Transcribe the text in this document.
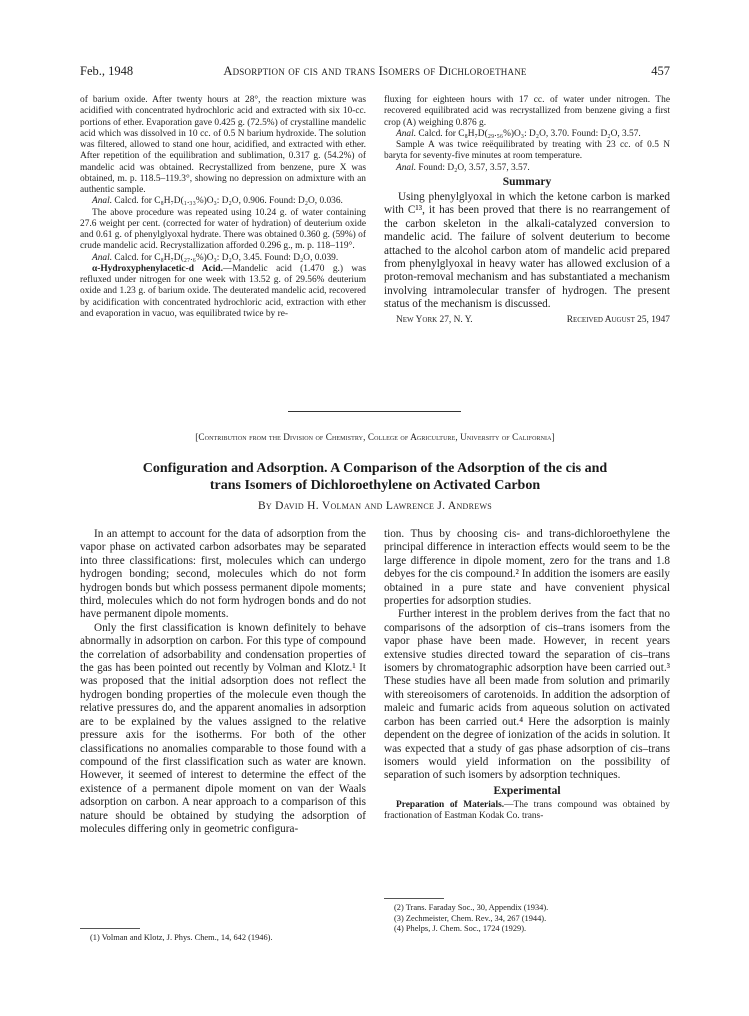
Feb., 1948	Adsorption of cis and trans Isomers of Dichloroethane	457

of barium oxide. After twenty hours at 28°, the reaction mixture was acidified with concentrated hydrochloric acid and extracted with six 10-cc. portions of ether. Evaporation gave 0.425 g. (72.5%) of crystalline mandelic acid which was dissolved in 10 cc. of 0.5 N barium hydroxide. The solution was filtered, allowed to stand one hour, acidified, and extracted with ether. After repetition of the equilibration and sublimation, 0.317 g. (54.2%) of mandelic acid was obtained. Recrystallized from benzene, pure X was obtained, m. p. 118.5–119.3°, showing no depression on admixture with an authentic sample.

Anal. Calcd. for C₈H₇D(₁.₃₃%)O₃: D₂O, 0.906. Found: D₂O, 0.036.

The above procedure was repeated using 10.24 g. of water containing 27.6 weight per cent. (corrected for water of hydration) of deuterium oxide and 0.61 g. of phenylglyoxal hydrate. There was obtained 0.360 g. (59%) of crude mandelic acid. Recrystallization afforded 0.296 g., m. p. 118–119°.

Anal. Calcd. for C₈H₇D(₂₇.₆%)O₃: D₂O, 3.45. Found: D₂O, 0.039.

α-Hydroxyphenylacetic-d Acid.—Mandelic acid (1.470 g.) was refluxed under nitrogen for one week with 13.52 g. of 29.56% deuterium oxide and 1.23 g. of barium oxide. The deuterated mandelic acid, recovered by acidification with concentrated hydrochloric acid, extraction with ether and evaporation in vacuo, was equilibrated twice by re-

fluxing for eighteen hours with 17 cc. of water under nitrogen. The recovered equilibrated acid was recrystallized from benzene giving a first crop (A) weighing 0.876 g.

Anal. Calcd. for C₈H₇D(₂₉.₅₆%)O₃: D₂O, 3.70. Found: D₂O, 3.57.

Sample A was twice reëquilibrated by treating with 23 cc. of 0.5 N baryta for seventy-five minutes at room temperature.

Anal. Found: D₂O, 3.57, 3.57, 3.57.

Summary

Using phenylglyoxal in which the ketone carbon is marked with C¹³, it has been proved that there is no rearrangement of the carbon skeleton in the alkali-catalyzed conversion to mandelic acid. The failure of solvent deuterium to become attached to the alcohol carbon atom of mandelic acid prepared from phenylglyoxal in heavy water has allowed exclusion of a proton-removal mechanism and has substantiated a mechanism involving intramolecular transfer of hydrogen. The present status of the mechanism is discussed.

New York 27, N. Y.	Received August 25, 1947

[Contribution from the Division of Chemistry, College of Agriculture, University of California]
Configuration and Adsorption. A Comparison of the Adsorption of the cis and
trans Isomers of Dichloroethylene on Activated Carbon
By David H. Volman and Lawrence J. Andrews

In an attempt to account for the data of adsorption from the vapor phase on activated carbon adsorbates may be separated into three classifications: first, molecules which can undergo hydrogen bonding; second, molecules which do not form hydrogen bonds but which possess permanent dipole moments; third, molecules which do not form hydrogen bonds and do not have permanent dipole moments.

Only the first classification is known definitely to behave abnormally in adsorption on carbon. For this type of compound the correlation of adsorbability and condensation properties of the gas has been pointed out recently by Volman and Klotz.¹ It was proposed that the initial adsorption does not reflect the hydrogen bonding properties of the molecule even though the relative pressures do, and the apparent anomalies in adsorption are to be explained by the values assigned to the relative pressure axis for the isotherms. For both of the other classifications no anomalies comparable to those found with a compound of the first classification such as water are known. However, it seemed of interest to determine the effect of the existence of a permanent dipole moment on van der Waals adsorption on carbon. A near approach to a comparison of this nature should be obtained by studying the adsorption of molecules differing only in geometric configura-

tion. Thus by choosing cis- and trans-dichloroethylene the principal difference in interaction effects would seem to be the large difference in dipole moment, zero for the trans and 1.8 debyes for the cis compound.² In addition the isomers are easily obtained in a pure state and have convenient physical properties for adsorption studies.

Further interest in the problem derives from the fact that no comparisons of the adsorption of cis–trans isomers from the vapor phase have been made. However, in recent years extensive studies directed toward the separation of cis–trans isomers by chromatographic adsorption have been carried out.³ These studies have all been made from solution and primarily with stereoisomers of carotenoids. In addition the adsorption of maleic and fumaric acids from aqueous solution on activated carbon has been carried out.⁴ Here the adsorption is mainly dependent on the degree of ionization of the acids in solution. It was expected that a study of gas phase adsorption of cis–trans isomers would yield information on the possibility of separation of such isomers by adsorption techniques.

Experimental

Preparation of Materials.—The trans compound was obtained by fractionation of Eastman Kodak Co. trans-

(1) Volman and Klotz, J. Phys. Chem., 14, 642 (1946).
(2) Trans. Faraday Soc., 30, Appendix (1934).
(3) Zechmeister, Chem. Rev., 34, 267 (1944).
(4) Phelps, J. Chem. Soc., 1724 (1929).
